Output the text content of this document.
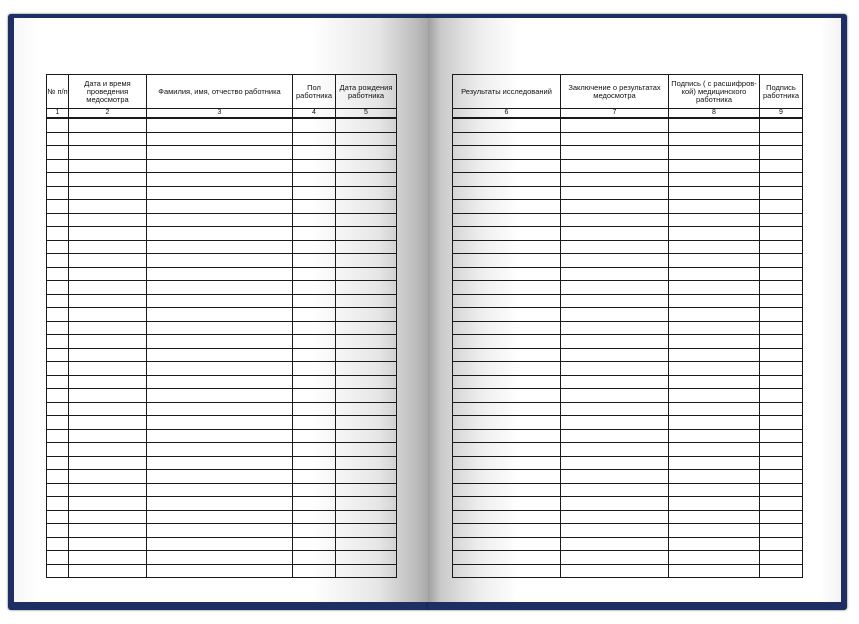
№ п/п	Дата и время проведения медосмотра	Фамилия, имя, отчество работника	Пол работника	Дата рождения работника
1	2	3	4	5

Результаты исследований	Заключение о результатах медосмотра	Подпись ( с расшифров- кой) медицинского работника	Подпись работника
6	7	8	9
